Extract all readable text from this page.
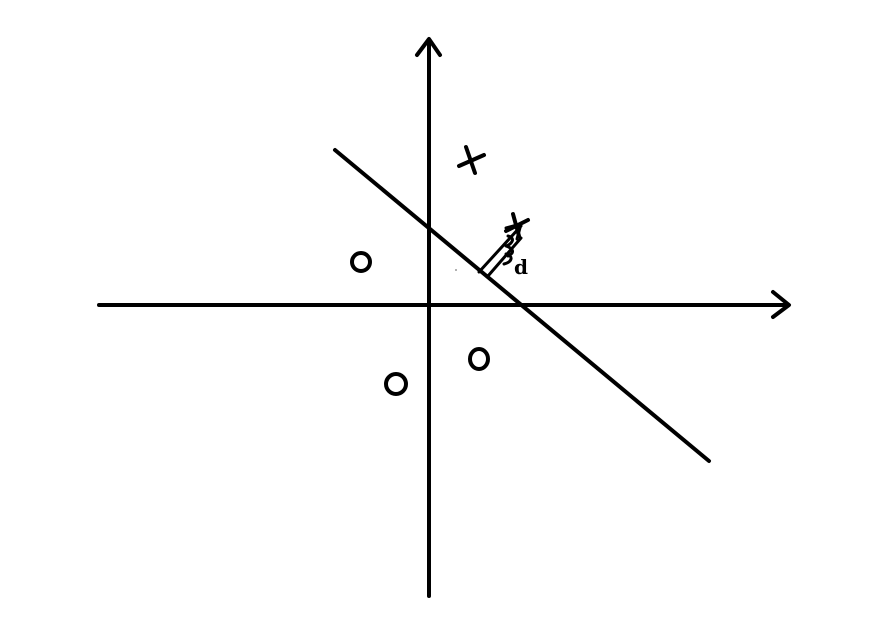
d
